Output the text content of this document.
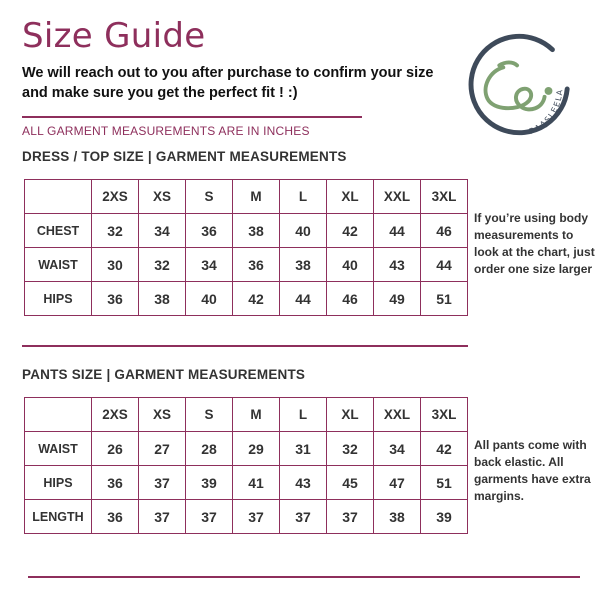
Size Guide
We will reach out to you after purchase to confirm your size and make sure you get the perfect fit ! :)
ALL GARMENT MEASUREMENTS ARE IN INCHES	RAASLEELA
DRESS / TOP SIZE | GARMENT MEASUREMENTS
	2XS	XS	S	M	L	XL	XXL	3XL
CHEST	32	34	36	38	40	42	44	46
WAIST	30	32	34	36	38	40	43	44
HIPS	36	38	40	42	44	46	49	51
If you’re using body measurements to look at the chart, just order one size larger
PANTS SIZE | GARMENT MEASUREMENTS
	2XS	XS	S	M	L	XL	XXL	3XL
WAIST	26	27	28	29	31	32	34	42
HIPS	36	37	39	41	43	45	47	51
LENGTH	36	37	37	37	37	37	38	39
All pants come with back elastic. All garments have extra margins.
